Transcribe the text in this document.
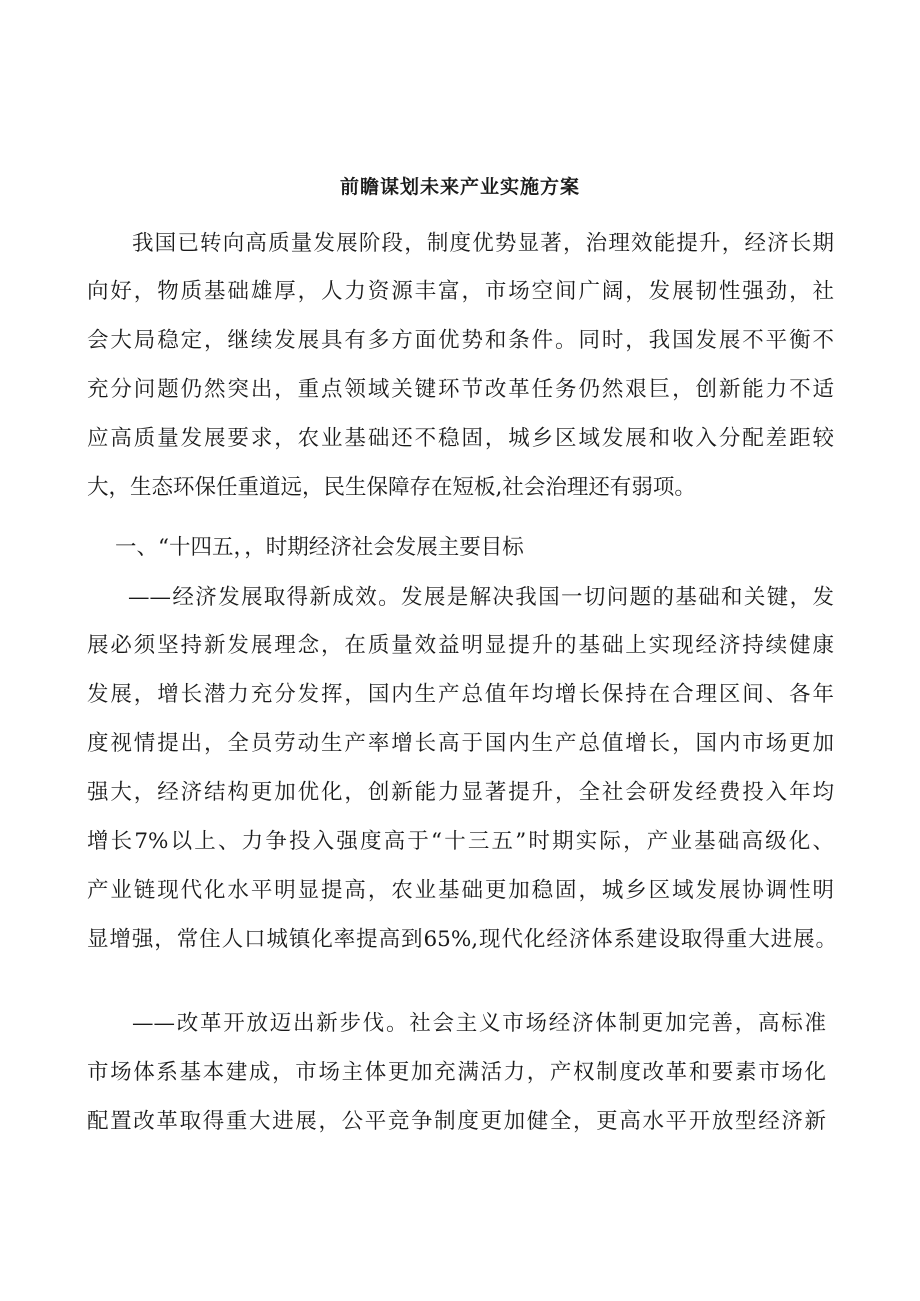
前瞻谋划未来产业实施方案

我国已转向高质量发展阶段，制度优势显著，治理效能提升，经济长期

向好，物质基础雄厚，人力资源丰富，市场空间广阔，发展韧性强劲，社

会大局稳定，继续发展具有多方面优势和条件。同时，我国发展不平衡不

充分问题仍然突出，重点领域关键环节改革任务仍然艰巨，创新能力不适

应高质量发展要求，农业基础还不稳固，城乡区域发展和收入分配差距较

大，生态环保任重道远，民生保障存在短板,社会治理还有弱项。

一、“十四五，，时期经济社会发展主要目标

——经济发展取得新成效。发展是解决我国一切问题的基础和关键，发

展必须坚持新发展理念，在质量效益明显提升的基础上实现经济持续健康

发展，增长潜力充分发挥，国内生产总值年均增长保持在合理区间、各年

度视情提出，全员劳动生产率增长高于国内生产总值增长，国内市场更加

强大，经济结构更加优化，创新能力显著提升，全社会研发经费投入年均

增长7%以上、力争投入强度高于“十三五”时期实际，产业基础高级化、

产业链现代化水平明显提高，农业基础更加稳固，城乡区域发展协调性明

显增强，常住人口城镇化率提高到65%,现代化经济体系建设取得重大进展。

——改革开放迈出新步伐。社会主义市场经济体制更加完善，高标准

市场体系基本建成，市场主体更加充满活力，产权制度改革和要素市场化

配置改革取得重大进展，公平竞争制度更加健全，更高水平开放型经济新
